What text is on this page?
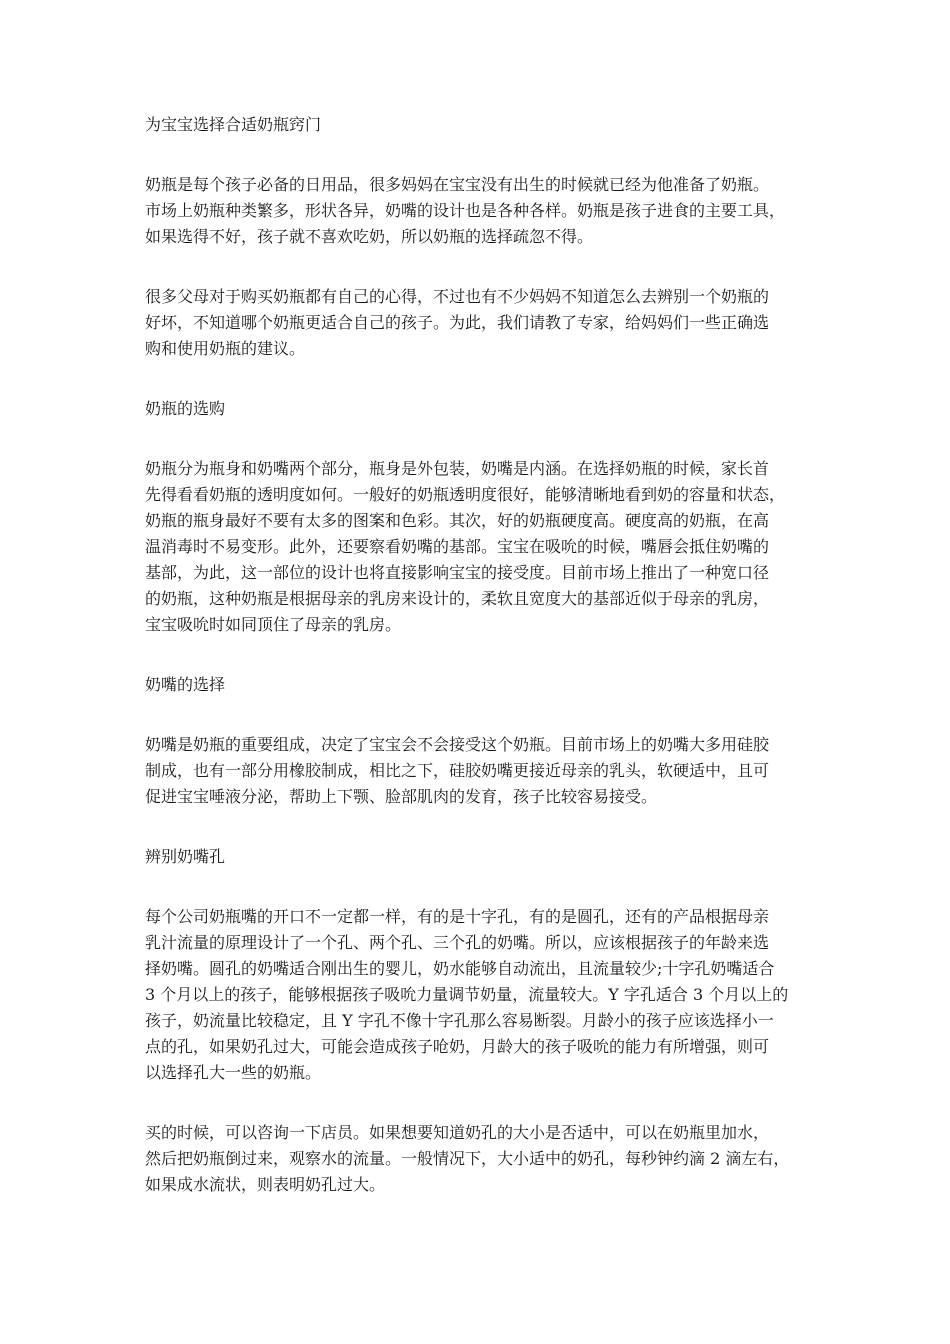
为宝宝选择合适奶瓶窍门
奶瓶是每个孩子必备的日用品，很多妈妈在宝宝没有出生的时候就已经为他准备了奶瓶。
市场上奶瓶种类繁多，形状各异，奶嘴的设计也是各种各样。奶瓶是孩子进食的主要工具，
如果选得不好，孩子就不喜欢吃奶，所以奶瓶的选择疏忽不得。
很多父母对于购买奶瓶都有自己的心得，不过也有不少妈妈不知道怎么去辨别一个奶瓶的
好坏，不知道哪个奶瓶更适合自己的孩子。为此，我们请教了专家，给妈妈们一些正确选
购和使用奶瓶的建议。
奶瓶的选购
奶瓶分为瓶身和奶嘴两个部分，瓶身是外包装，奶嘴是内涵。在选择奶瓶的时候，家长首
先得看看奶瓶的透明度如何。一般好的奶瓶透明度很好，能够清晰地看到奶的容量和状态，
奶瓶的瓶身最好不要有太多的图案和色彩。其次，好的奶瓶硬度高。硬度高的奶瓶，在高
温消毒时不易变形。此外，还要察看奶嘴的基部。宝宝在吸吮的时候，嘴唇会抵住奶嘴的
基部，为此，这一部位的设计也将直接影响宝宝的接受度。目前市场上推出了一种宽口径
的奶瓶，这种奶瓶是根据母亲的乳房来设计的，柔软且宽度大的基部近似于母亲的乳房，
宝宝吸吮时如同顶住了母亲的乳房。
奶嘴的选择
奶嘴是奶瓶的重要组成，决定了宝宝会不会接受这个奶瓶。目前市场上的奶嘴大多用硅胶
制成，也有一部分用橡胶制成，相比之下，硅胶奶嘴更接近母亲的乳头，软硬适中，且可
促进宝宝唾液分泌，帮助上下颚、脸部肌肉的发育，孩子比较容易接受。
辨别奶嘴孔
每个公司奶瓶嘴的开口不一定都一样，有的是十字孔，有的是圆孔，还有的产品根据母亲
乳汁流量的原理设计了一个孔、两个孔、三个孔的奶嘴。所以，应该根据孩子的年龄来选
择奶嘴。圆孔的奶嘴适合刚出生的婴儿，奶水能够自动流出，且流量较少;十字孔奶嘴适合
3 个月以上的孩子，能够根据孩子吸吮力量调节奶量，流量较大。Y 字孔适合 3 个月以上的
孩子，奶流量比较稳定，且 Y 字孔不像十字孔那么容易断裂。月龄小的孩子应该选择小一
点的孔，如果奶孔过大，可能会造成孩子呛奶，月龄大的孩子吸吮的能力有所增强，则可
以选择孔大一些的奶瓶。
买的时候，可以咨询一下店员。如果想要知道奶孔的大小是否适中，可以在奶瓶里加水，
然后把奶瓶倒过来，观察水的流量。一般情况下，大小适中的奶孔，每秒钟约滴 2 滴左右，
如果成水流状，则表明奶孔过大。
